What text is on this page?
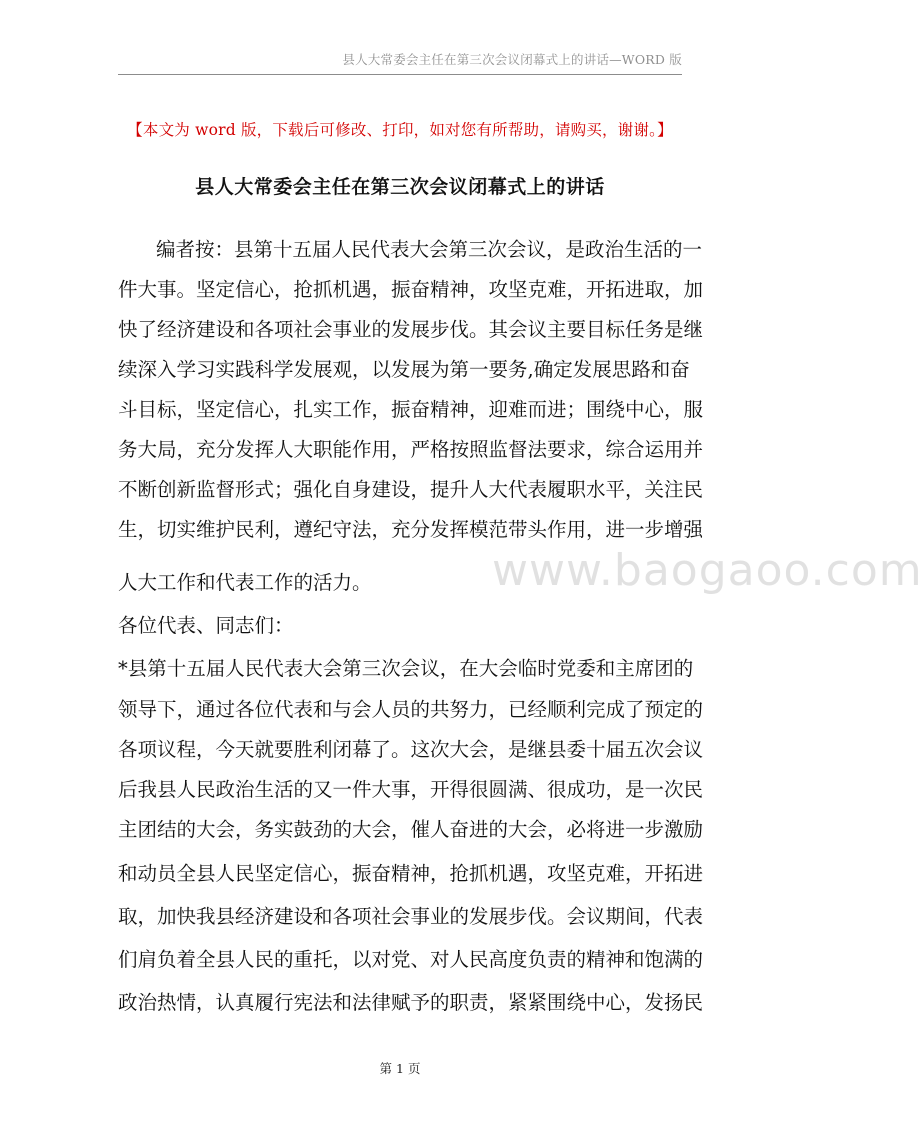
县人大常委会主任在第三次会议闭幕式上的讲话—WORD 版
【本文为 word 版，下载后可修改、打印，如对您有所帮助，请购买，谢谢。】
县人大常委会主任在第三次会议闭幕式上的讲话
www.baogaoo.com
编者按：县第十五届人民代表大会第三次会议，是政治生活的一
件大事。坚定信心，抢抓机遇，振奋精神，攻坚克难，开拓进取，加
快了经济建设和各项社会事业的发展步伐。其会议主要目标任务是继
续深入学习实践科学发展观，以发展为第一要务,确定发展思路和奋
斗目标，坚定信心，扎实工作，振奋精神，迎难而进；围绕中心，服
务大局，充分发挥人大职能作用，严格按照监督法要求，综合运用并
不断创新监督形式；强化自身建设，提升人大代表履职水平，关注民
生，切实维护民利，遵纪守法，充分发挥模范带头作用，进一步增强
人大工作和代表工作的活力。
各位代表、同志们：
*县第十五届人民代表大会第三次会议，在大会临时党委和主席团的
领导下，通过各位代表和与会人员的共努力，已经顺利完成了预定的
各项议程，今天就要胜利闭幕了。这次大会，是继县委十届五次会议
后我县人民政治生活的又一件大事，开得很圆满、很成功，是一次民
主团结的大会，务实鼓劲的大会，催人奋进的大会，必将进一步激励
和动员全县人民坚定信心，振奋精神，抢抓机遇，攻坚克难，开拓进
取，加快我县经济建设和各项社会事业的发展步伐。会议期间，代表
们肩负着全县人民的重托，以对党、对人民高度负责的精神和饱满的
政治热情，认真履行宪法和法律赋予的职责，紧紧围绕中心，发扬民
第 1 页
